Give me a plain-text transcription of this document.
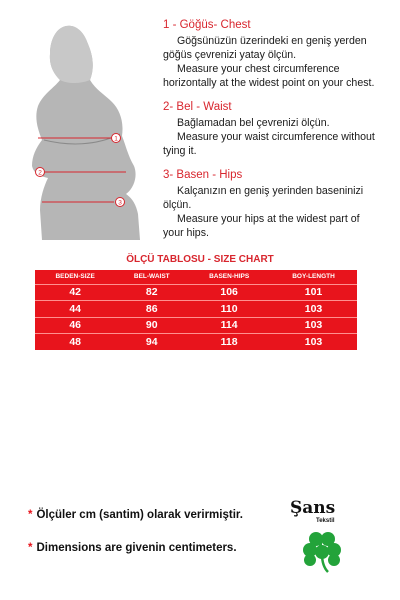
1
2
3
1 - Göğüs- Chest
Göğsünüzün üzerindeki en geniş yerden
göğüs çevrenizi yatay ölçün.
Measure your chest circumference
horizontally at the widest point on your chest.
2- Bel - Waist
Bağlamadan bel çevrenizi ölçün.
Measure your waist circumference without
tying it.
3- Basen - Hips
Kalçanızın en geniş yerinden baseninizi
ölçün.
Measure your hips at the widest part of
your hips.
ÖLÇÜ TABLOSU - SIZE CHART
BEDEN-SIZE	BEL-WAIST	BASEN-HIPS	BOY-LENGTH
42	82	106	101
44	86	110	103
46	90	114	103
48	94	118	103
* Ölçüler cm (santim) olarak verirmiştir.
* Dimensions are givenin centimeters.
Şans
Tekstil
